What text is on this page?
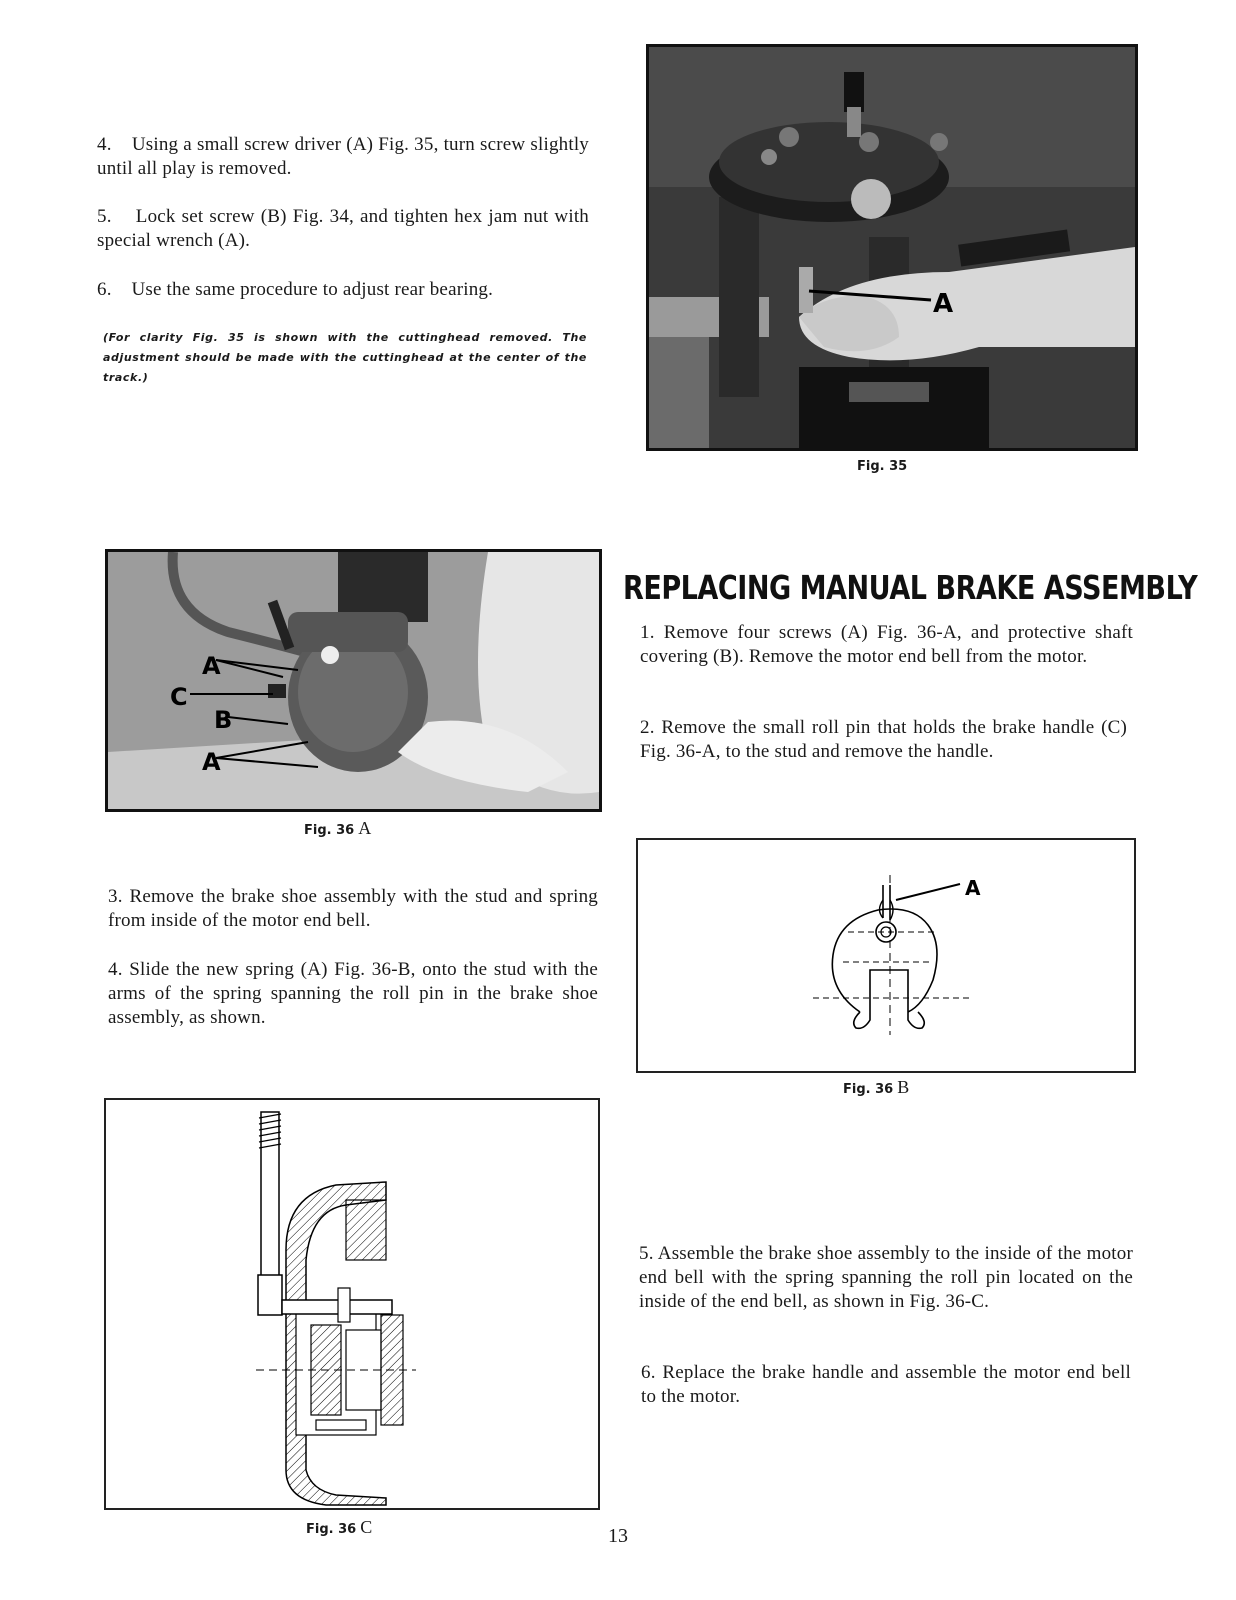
4.    Using a small screw driver (A) Fig. 35, turn screw slightly until all play is removed.

5.    Lock set screw (B) Fig. 34, and tighten hex jam nut with special wrench (A).

6.    Use the same procedure to adjust rear bearing.

(For clarity Fig. 35 is shown with the cuttinghead removed. The adjustment should be made with the cuttinghead at the center of the track.)

A
Fig. 35
A
C
B
A
Fig. 36 A
REPLACING MANUAL BRAKE ASSEMBLY

1. Remove four screws (A) Fig. 36-A, and protective shaft covering (B). Remove the motor end bell from the motor.

2. Remove the small roll pin that holds the brake handle (C) Fig. 36-A, to the stud and remove the handle.

3. Remove the brake shoe assembly with the stud and spring from inside of the motor end bell.

4. Slide the new spring (A) Fig. 36-B, onto the stud with the arms of the spring spanning the roll pin in the brake shoe assembly, as shown.

A
Fig. 36 B
Fig. 36 C

5. Assemble the brake shoe assembly to the inside of the motor end bell with the spring spanning the roll pin located on the inside of the end bell, as shown in Fig. 36-C.

6. Replace the brake handle and assemble the motor end bell to the motor.

13
